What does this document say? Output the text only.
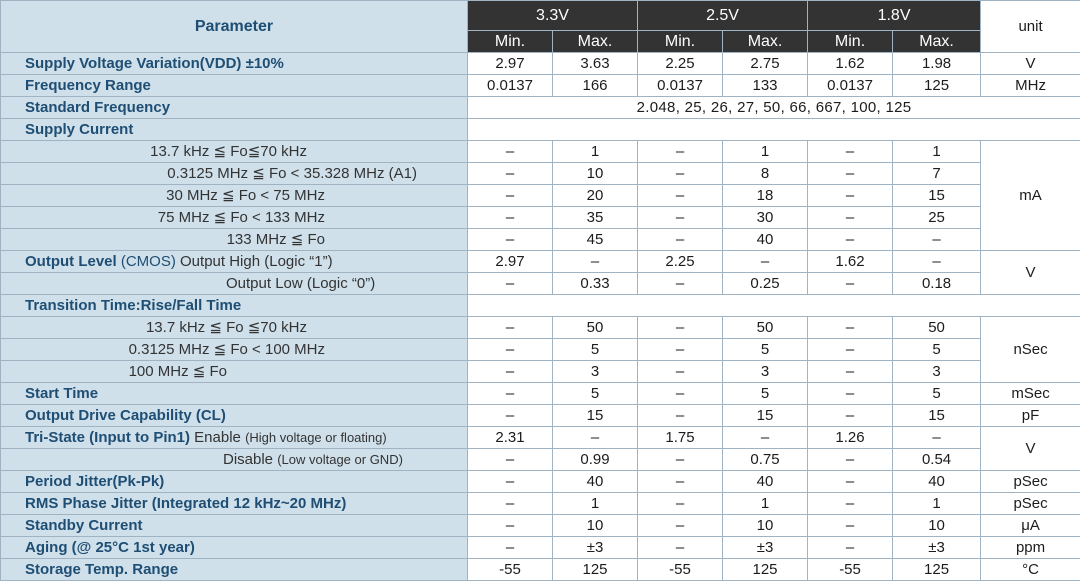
Parameter	3.3V		2.5V		1.8V		unit
	Min.	Max.	Min.	Max.	Min.	Max.	
Supply Voltage Variation(VDD) ±10%	2.97	3.63	2.25	2.75	1.62	1.98	V
Frequency Range	0.0137	166	0.0137	133	0.0137	125	MHz
Standard Frequency	2.048, 25, 26, 27, 50, 66, 667, 100, 125						
Supply Current							
13.7 kHz ≦ Fo≦70 kHz	–	1	–	1	–	1	mA
0.3125 MHz ≦ Fo < 35.328 MHz (A1)	–	10	–	8	–	7	
30 MHz ≦ Fo < 75 MHz	–	20	–	18	–	15	
75 MHz ≦ Fo < 133 MHz	–	35	–	30	–	25	
133 MHz ≦ Fo	–	45	–	40	–	–	
Output Level (CMOS) Output High (Logic “1”)	2.97	–	2.25	–	1.62	–	V
Output Low (Logic “0”)	–	0.33	–	0.25	–	0.18	
Transition Time:Rise/Fall Time							
13.7 kHz ≦ Fo ≦70 kHz	–	50	–	50	–	50	nSec
0.3125 MHz ≦ Fo < 100 MHz	–	5	–	5	–	5	
100 MHz ≦ Fo	–	3	–	3	–	3	
Start Time	–	5	–	5	–	5	mSec
Output Drive Capability (CL)	–	15	–	15	–	15	pF
Tri-State (Input to Pin1) Enable (High voltage or floating)	2.31	–	1.75	–	1.26	–	V
Disable (Low voltage or GND)	–	0.99	–	0.75	–	0.54	
Period Jitter(Pk-Pk)	–	40	–	40	–	40	pSec
RMS Phase Jitter (Integrated 12 kHz~20 MHz)	–	1	–	1	–	1	pSec
Standby Current	–	10	–	10	–	10	μA
Aging (@ 25°C 1st year)	–	±3	–	±3	–	±3	ppm
Storage Temp. Range	-55	125	-55	125	-55	125	°C
